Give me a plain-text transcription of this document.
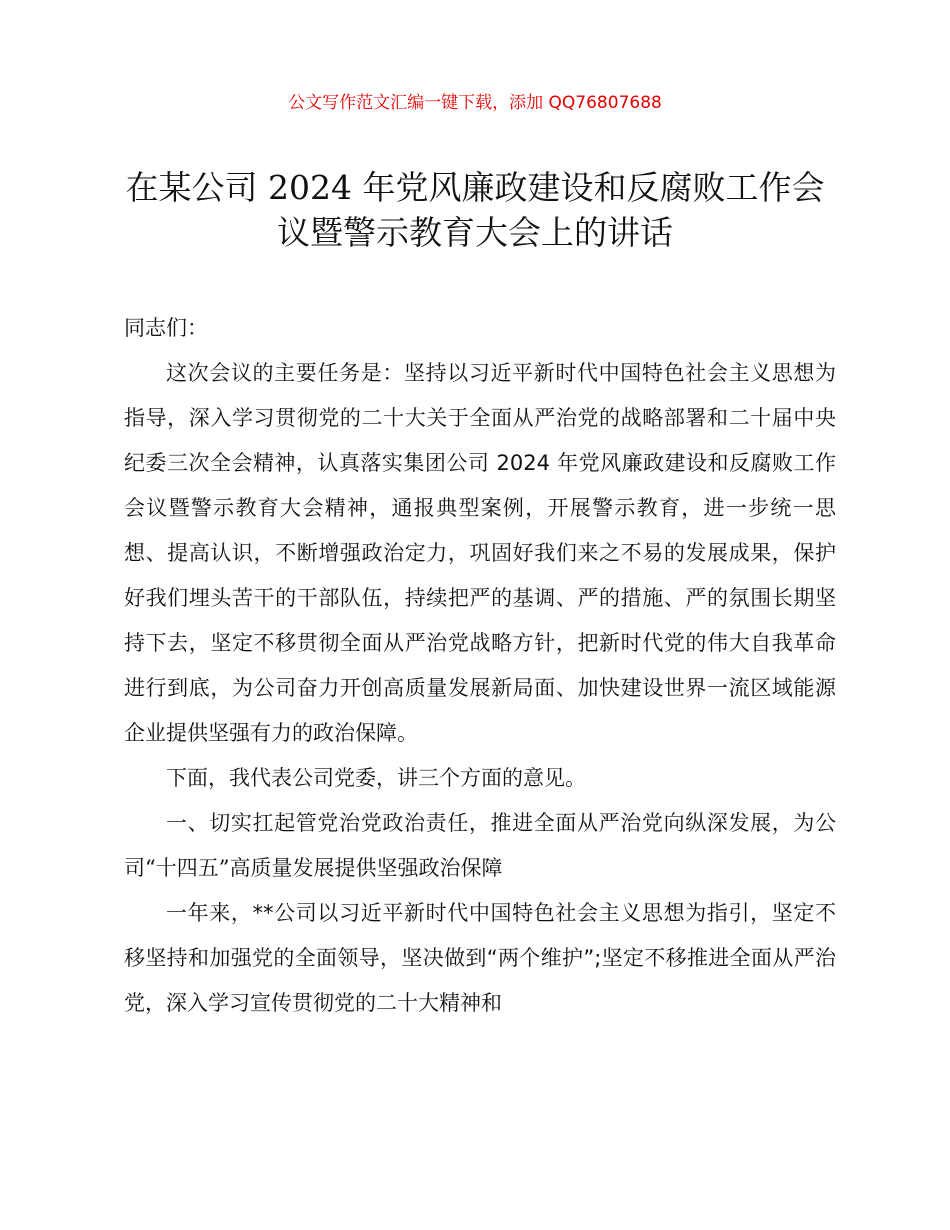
公文写作范文汇编一键下载，添加 QQ76807688
在某公司 2024 年党风廉政建设和反腐败工作会
议暨警示教育大会上的讲话

同志们：

这次会议的主要任务是：坚持以习近平新时代中国特色社会主义思想为指导，深入学习贯彻党的二十大关于全面从严治党的战略部署和二十届中央纪委三次全会精神，认真落实集团公司 2024 年党风廉政建设和反腐败工作会议暨警示教育大会精神，通报典型案例，开展警示教育，进一步统一思想、提高认识，不断增强政治定力，巩固好我们来之不易的发展成果，保护好我们埋头苦干的干部队伍，持续把严的基调、严的措施、严的氛围长期坚持下去，坚定不移贯彻全面从严治党战略方针，把新时代党的伟大自我革命进行到底，为公司奋力开创高质量发展新局面、加快建设世界一流区域能源企业提供坚强有力的政治保障。

下面，我代表公司党委，讲三个方面的意见。

一、切实扛起管党治党政治责任，推进全面从严治党向纵深发展，为公司“十四五”高质量发展提供坚强政治保障

一年来，**公司以习近平新时代中国特色社会主义思想为指引，坚定不移坚持和加强党的全面领导，坚决做到“两个维护”;坚定不移推进全面从严治党，深入学习宣传贯彻党的二十大精神和
